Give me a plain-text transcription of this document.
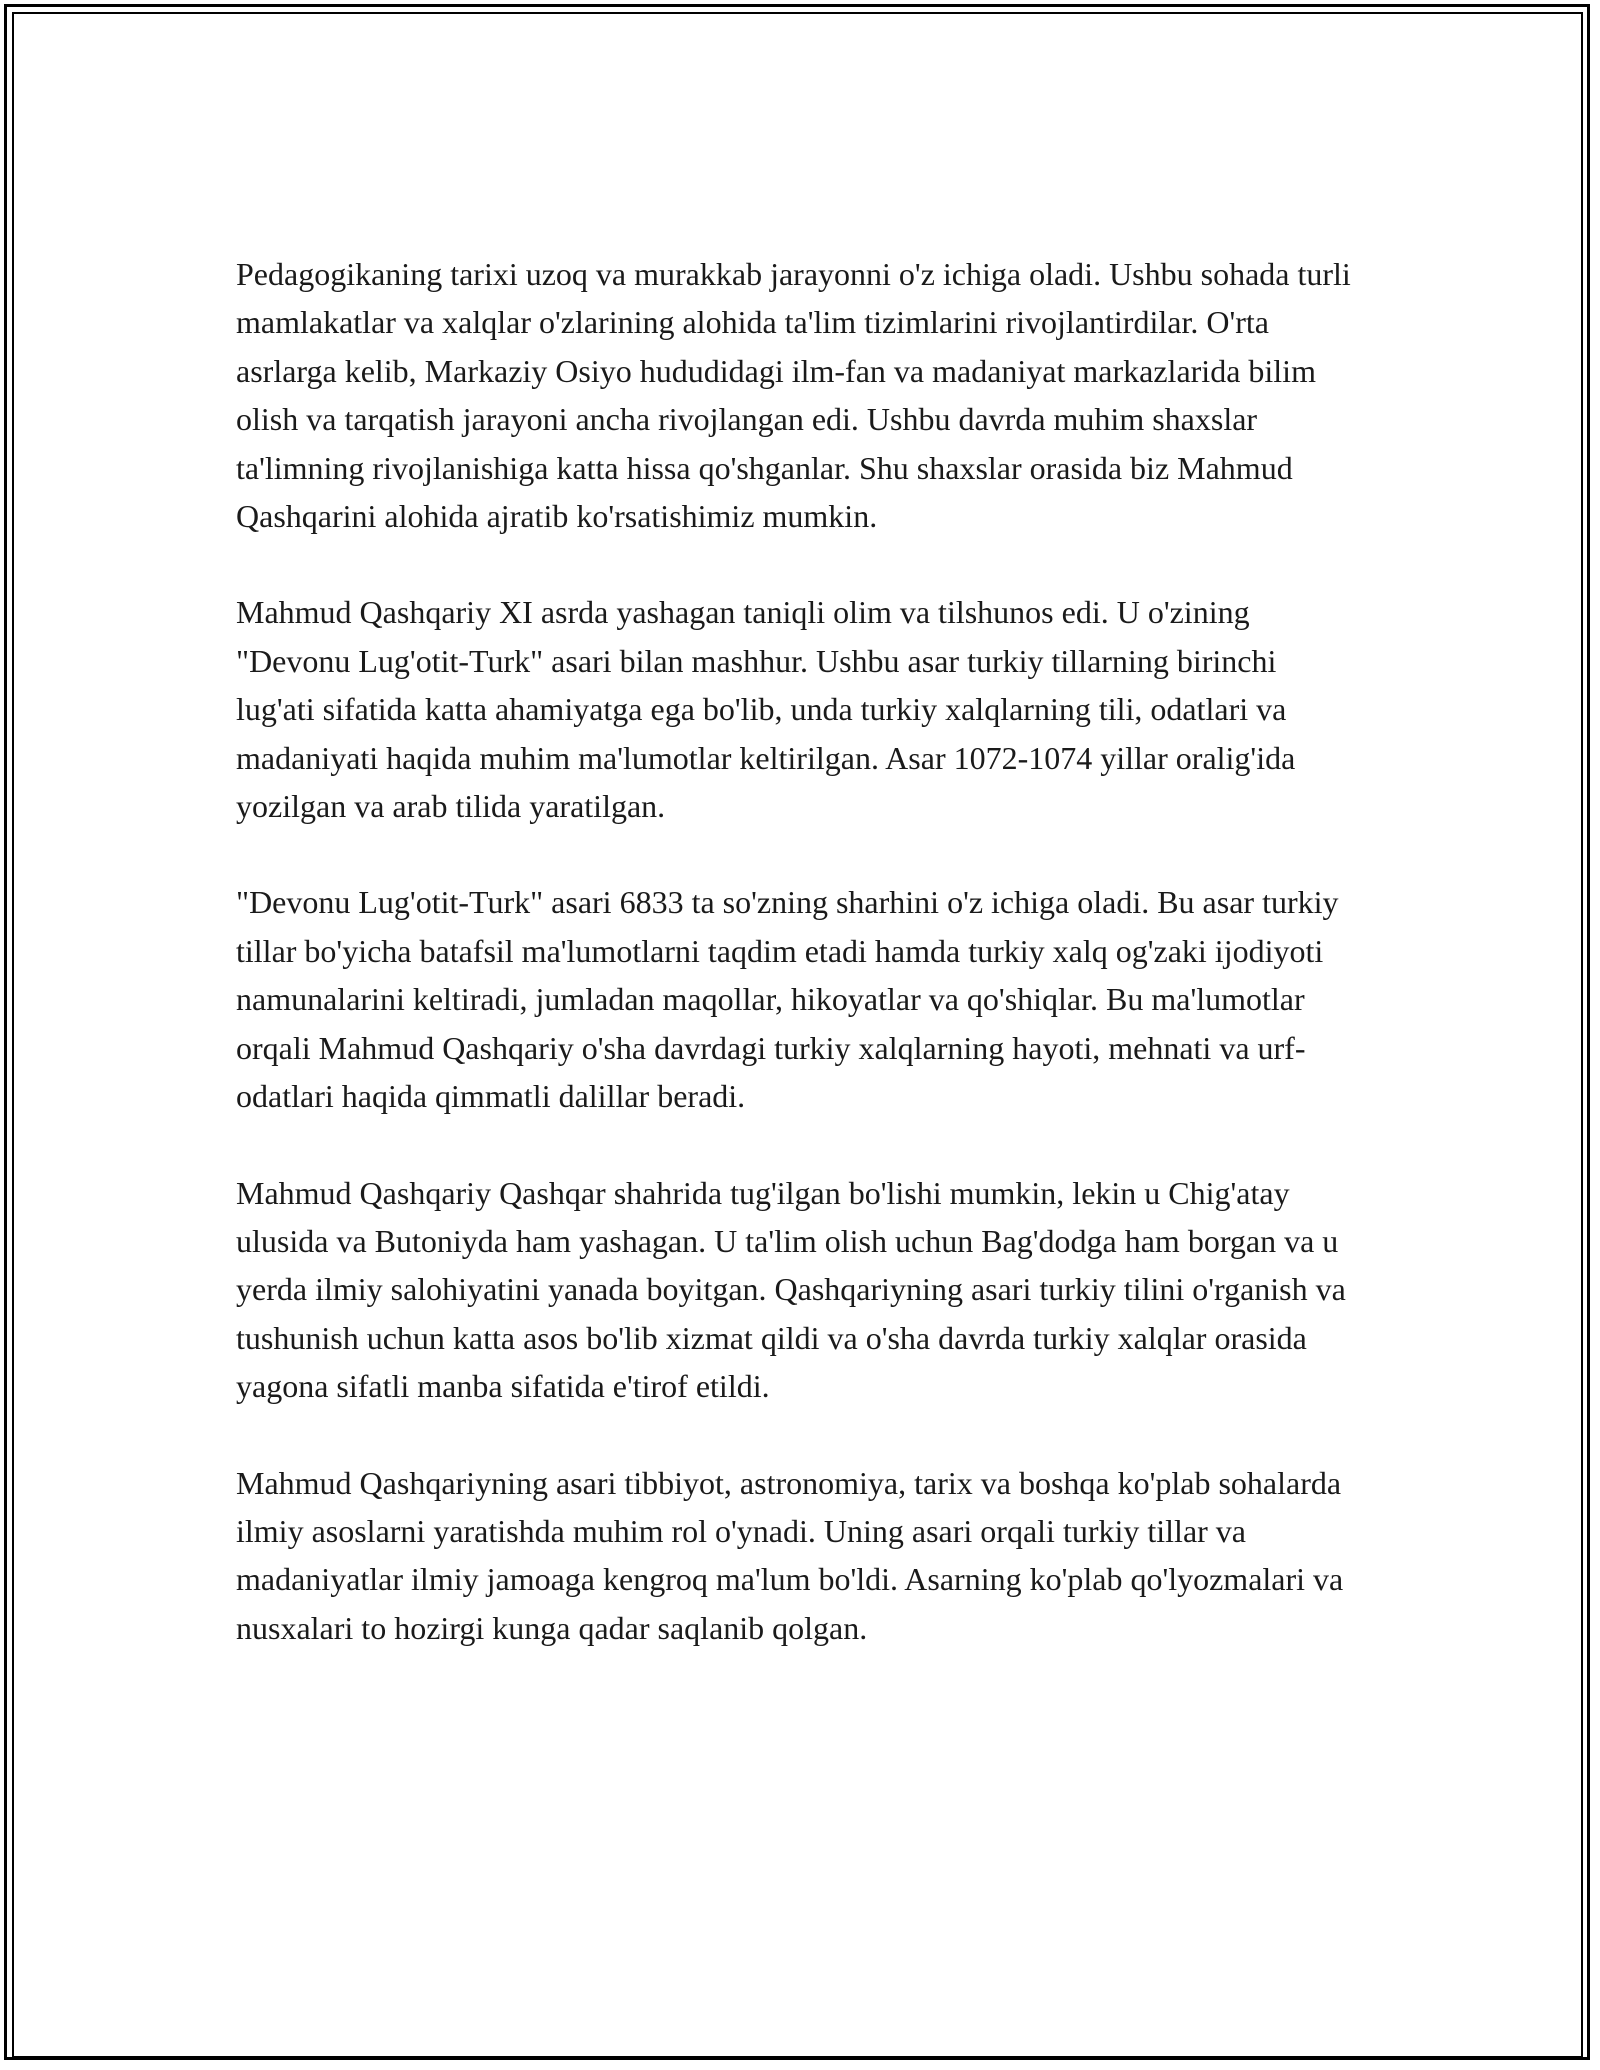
Pedagogikaning tarixi uzoq va murakkab jarayonni o'z ichiga oladi. Ushbu sohada turli mamlakatlar va xalqlar o'zlarining alohida ta'lim tizimlarini rivojlantirdilar. O'rta asrlarga kelib, Markaziy Osiyo hududidagi ilm-fan va madaniyat markazlarida bilim olish va tarqatish jarayoni ancha rivojlangan edi. Ushbu davrda muhim shaxslar ta'limning rivojlanishiga katta hissa qo'shganlar. Shu shaxslar orasida biz Mahmud Qashqarini alohida ajratib ko'rsatishimiz mumkin.

Mahmud Qashqariy XI asrda yashagan taniqli olim va tilshunos edi. U o'zining "Devonu Lug'otit-Turk" asari bilan mashhur. Ushbu asar turkiy tillarning birinchi lug'ati sifatida katta ahamiyatga ega bo'lib, unda turkiy xalqlarning tili, odatlari va madaniyati haqida muhim ma'lumotlar keltirilgan. Asar 1072-1074 yillar oralig'ida yozilgan va arab tilida yaratilgan.

"Devonu Lug'otit-Turk" asari 6833 ta so'zning sharhini o'z ichiga oladi. Bu asar turkiy tillar bo'yicha batafsil ma'lumotlarni taqdim etadi hamda turkiy xalq og'zaki ijodiyoti namunalarini keltiradi, jumladan maqollar, hikoyatlar va qo'shiqlar. Bu ma'lumotlar orqali Mahmud Qashqariy o'sha davrdagi turkiy xalqlarning hayoti, mehnati va urf-odatlari haqida qimmatli dalillar beradi.

Mahmud Qashqariy Qashqar shahrida tug'ilgan bo'lishi mumkin, lekin u Chig'atay ulusida va Butoniyda ham yashagan. U ta'lim olish uchun Bag'dodga ham borgan va u yerda ilmiy salohiyatini yanada boyitgan. Qashqariyning asari turkiy tilini o'rganish va tushunish uchun katta asos bo'lib xizmat qildi va o'sha davrda turkiy xalqlar orasida yagona sifatli manba sifatida e'tirof etildi.

Mahmud Qashqariyning asari tibbiyot, astronomiya, tarix va boshqa ko'plab sohalarda ilmiy asoslarni yaratishda muhim rol o'ynadi. Uning asari orqali turkiy tillar va madaniyatlar ilmiy jamoaga kengroq ma'lum bo'ldi. Asarning ko'plab qo'lyozmalari va nusxalari to hozirgi kunga qadar saqlanib qolgan.
